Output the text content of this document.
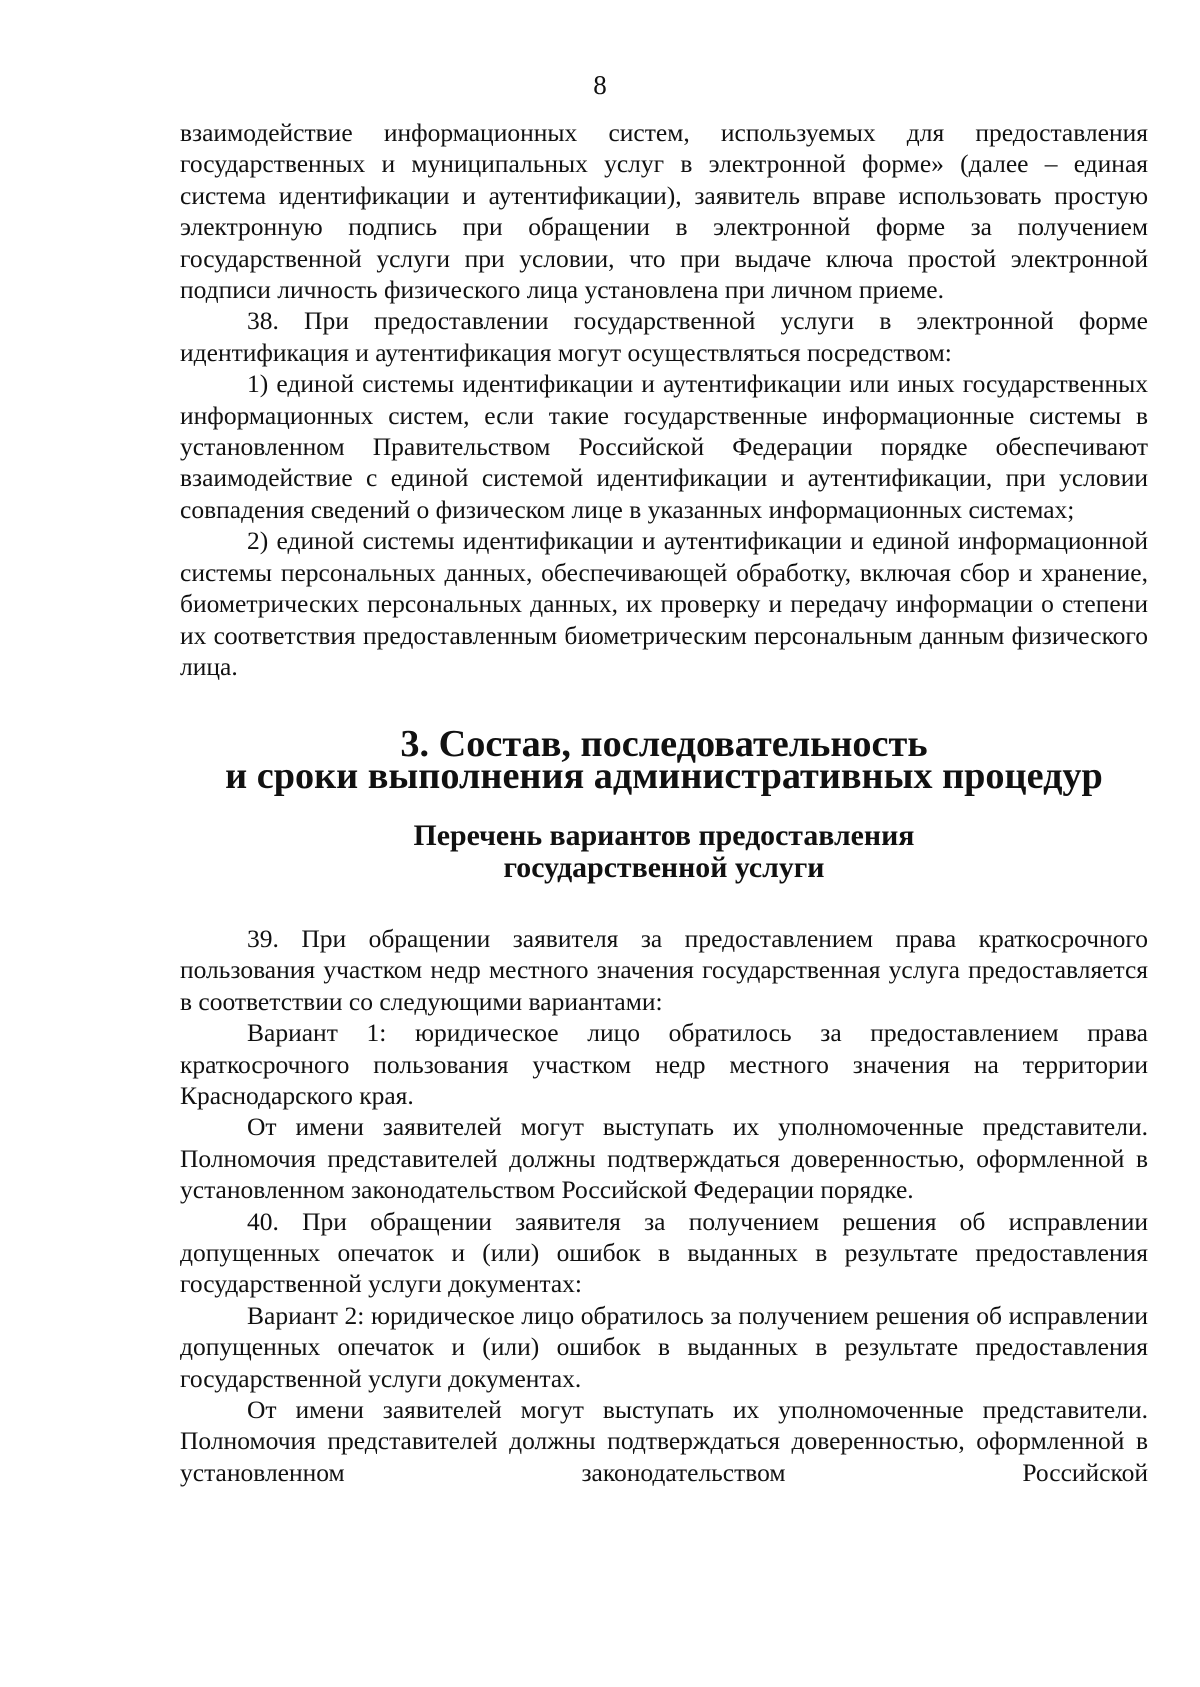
8

взаимодействие информационных систем, используемых для предоставления государственных и муниципальных услуг в электронной форме» (далее – единая система идентификации и аутентификации), заявитель вправе использовать простую электронную подпись при обращении в электронной форме за получением государственной услуги при условии, что при выдаче ключа простой электронной подписи личность физического лица установлена при личном приеме.

38. При предоставлении государственной услуги в электронной форме идентификация и аутентификация могут осуществляться посредством:

1) единой системы идентификации и аутентификации или иных государственных информационных систем, если такие государственные информационные системы в установленном Правительством Российской Федерации порядке обеспечивают взаимодействие с единой системой идентификации и аутентификации, при условии совпадения сведений о физическом лице в указанных информационных системах;

2) единой системы идентификации и аутентификации и единой информационной системы персональных данных, обеспечивающей обработку, включая сбор и хранение, биометрических персональных данных, их проверку и передачу информации о степени их соответствия предоставленным биометрическим персональным данным физического лица.

3. Состав, последовательность
и сроки выполнения административных процедур
Перечень вариантов предоставления
государственной услуги

39. При обращении заявителя за предоставлением права краткосрочного пользования участком недр местного значения государственная услуга предоставляется в соответствии со следующими вариантами:

Вариант 1: юридическое лицо обратилось за предоставлением права краткосрочного пользования участком недр местного значения на территории Краснодарского края.

От имени заявителей могут выступать их уполномоченные представители. Полномочия представителей должны подтверждаться доверенностью, оформленной в установленном законодательством Российской Федерации порядке.

40. При обращении заявителя за получением решения об исправлении допущенных опечаток и (или) ошибок в выданных в результате предоставления государственной услуги документах:

Вариант 2: юридическое лицо обратилось за получением решения об исправлении допущенных опечаток и (или) ошибок в выданных в результате предоставления государственной услуги документах.

От имени заявителей могут выступать их уполномоченные представители. Полномочия представителей должны подтверждаться доверенностью, оформленной в установленном законодательством Российской
